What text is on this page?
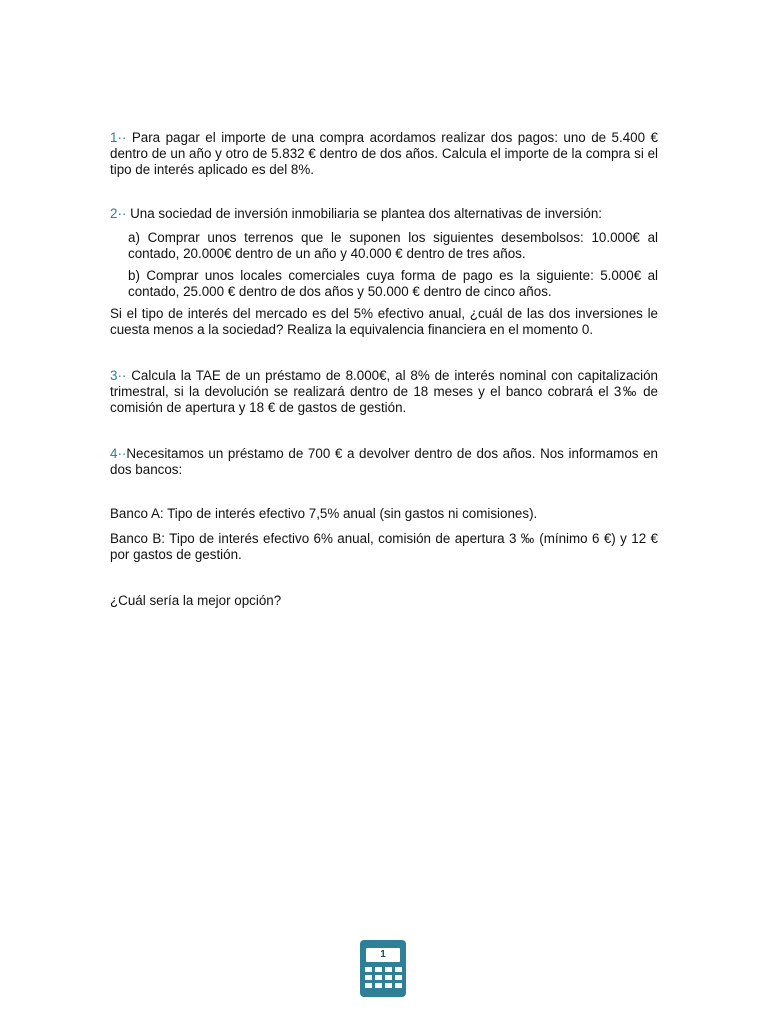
1·· Para pagar el importe de una compra acordamos realizar dos pagos: uno de 5.400 € dentro de un año y otro de 5.832 € dentro de dos años. Calcula el importe de la compra si el tipo de interés aplicado es del 8%.

2·· Una sociedad de inversión inmobiliaria se plantea dos alternativas de inversión:

a) Comprar unos terrenos que le suponen los siguientes desembolsos: 10.000€ al contado, 20.000€ dentro de un año y 40.000 € dentro de tres años.

b) Comprar unos locales comerciales cuya forma de pago es la siguiente: 5.000€ al contado, 25.000 € dentro de dos años y 50.000 € dentro de cinco años.

Si el tipo de interés del mercado es del 5% efectivo anual, ¿cuál de las dos inversiones le cuesta menos a la sociedad? Realiza la equivalencia financiera en el momento 0.

3·· Calcula la TAE de un préstamo de 8.000€, al 8% de interés nominal con capitalización trimestral, si la devolución se realizará dentro de 18 meses y el banco cobrará el 3‰ de comisión de apertura y 18 € de gastos de gestión.

4··Necesitamos un préstamo de 700 € a devolver dentro de dos años. Nos informamos en dos bancos:

Banco A: Tipo de interés efectivo 7,5% anual (sin gastos ni comisiones).

Banco B: Tipo de interés efectivo 6% anual, comisión de apertura 3 ‰ (mínimo 6 €) y 12 € por gastos de gestión.

¿Cuál sería la mejor opción?

1
